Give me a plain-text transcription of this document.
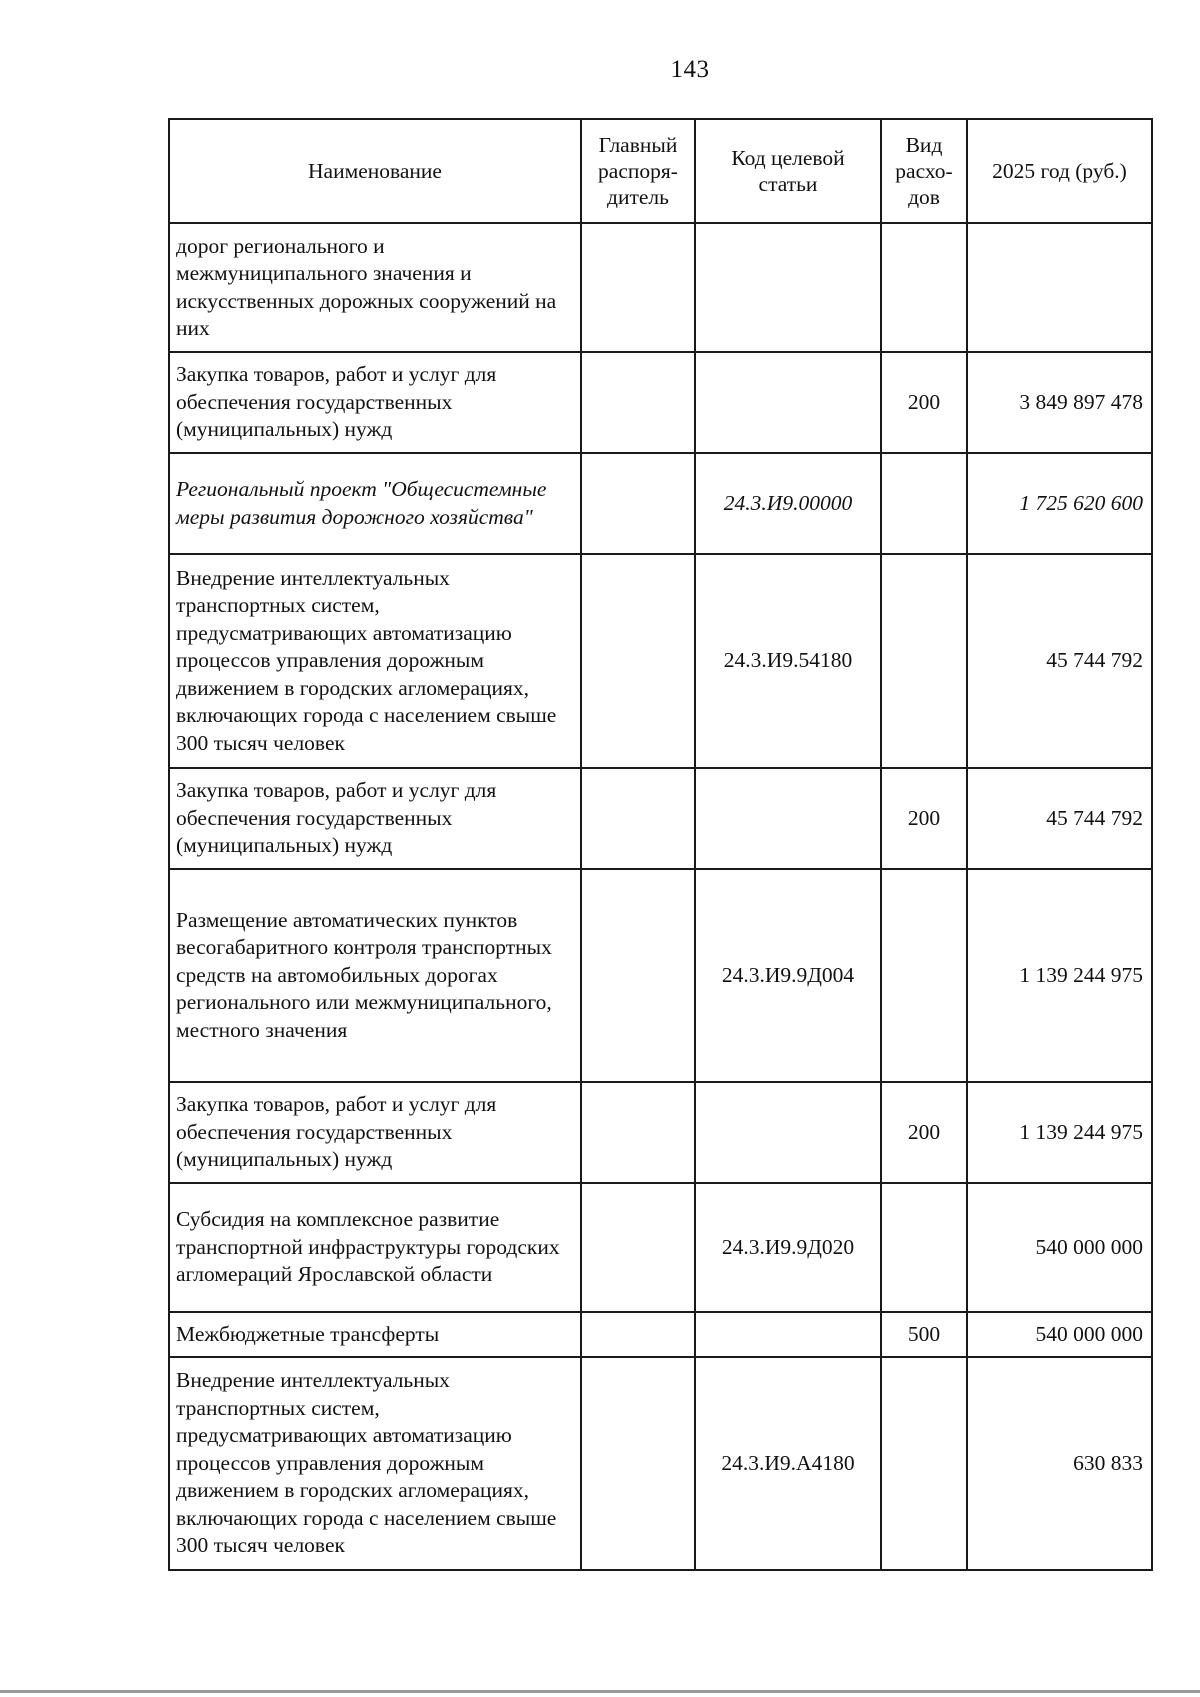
143
Наименование	Главный распоря-дитель	Код целевой статьи	Вид расхо-дов	2025 год (руб.)
дорог регионального и межмуниципального значения и искусственных дорожных сооружений на них				
Закупка товаров, работ и услуг для обеспечения государственных (муниципальных) нужд			200	3 849 897 478
Региональный проект "Общесистемные меры развития дорожного хозяйства"		24.3.И9.00000		1 725 620 600
Внедрение интеллектуальных транспортных систем, предусматривающих автоматизацию процессов управления дорожным движением в городских агломерациях, включающих города с населением свыше 300 тысяч человек		24.3.И9.54180		45 744 792
Закупка товаров, работ и услуг для обеспечения государственных (муниципальных) нужд			200	45 744 792
Размещение автоматических пунктов весогабаритного контроля транспортных средств на автомобильных дорогах регионального или межмуниципального, местного значения		24.3.И9.9Д004		1 139 244 975
Закупка товаров, работ и услуг для обеспечения государственных (муниципальных) нужд			200	1 139 244 975
Субсидия на комплексное развитие транспортной инфраструктуры городских агломераций Ярославской области		24.3.И9.9Д020		540 000 000
Межбюджетные трансферты			500	540 000 000
Внедрение интеллектуальных транспортных систем, предусматривающих автоматизацию процессов управления дорожным движением в городских агломерациях, включающих города с населением свыше 300 тысяч человек		24.3.И9.А4180		630 833
